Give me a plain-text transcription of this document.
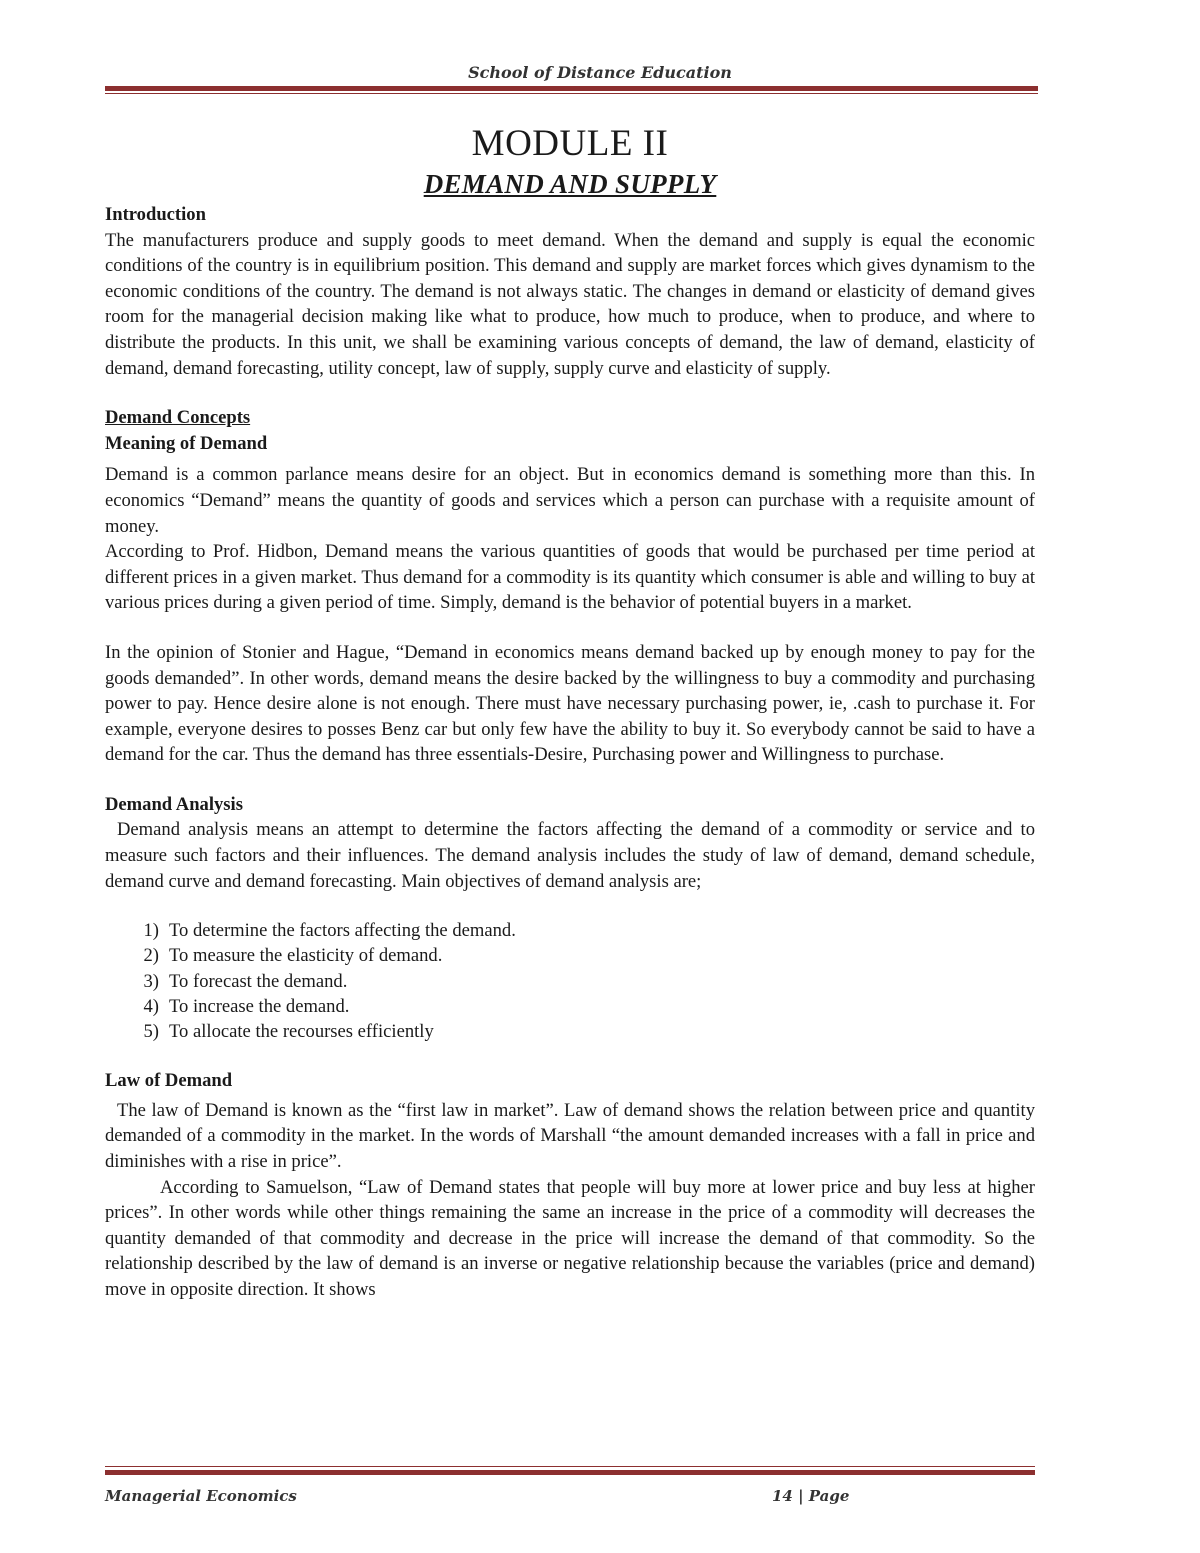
School of Distance Education
MODULE II
DEMAND AND SUPPLY
Introduction

The manufacturers produce and supply goods to meet demand. When the demand and supply is equal the economic conditions of the country is in equilibrium position. This demand and supply are market forces which gives dynamism to the economic conditions of the country. The demand is not always static. The changes in demand or elasticity of demand gives room for the managerial decision making like what to produce, how much to produce, when to produce, and where to distribute the products. In this unit, we shall be examining various concepts of demand, the law of demand, elasticity of demand, demand forecasting, utility concept, law of supply, supply curve and elasticity of supply.

Demand Concepts
Meaning of Demand

Demand is a common parlance means desire for an object. But in economics demand is something more than this. In economics “Demand” means the quantity of goods and services which a person can purchase with a requisite amount of money.

According to Prof. Hidbon, Demand means the various quantities of goods that would be purchased per time period at different prices in a given market. Thus demand for a commodity is its quantity which consumer is able and willing to buy at various prices during a given period of time. Simply, demand is the behavior of potential buyers in a market.

In the opinion of Stonier and Hague, “Demand in economics means demand backed up by enough money to pay for the goods demanded”. In other words, demand means the desire backed by the willingness to buy a commodity and purchasing power to pay. Hence desire alone is not enough. There must have necessary purchasing power, ie, .cash to purchase it. For example, everyone desires to posses Benz car but only few have the ability to buy it. So everybody cannot be said to have a demand for the car. Thus the demand has three essentials-Desire, Purchasing power and Willingness to purchase.

Demand Analysis

Demand analysis means an attempt to determine the factors affecting the demand of a commodity or service and to measure such factors and their influences. The demand analysis includes the study of law of demand, demand schedule, demand curve and demand forecasting. Main objectives of demand analysis are;

1) To determine the factors affecting the demand.
2) To measure the elasticity of demand.
3) To forecast the demand.
4) To increase the demand.
5) To allocate the recourses efficiently
Law of Demand

The law of Demand is known as the “first law in market”. Law of demand shows the relation between price and quantity demanded of a commodity in the market. In the words of Marshall “the amount demanded increases with a fall in price and diminishes with a rise in price”.

According to Samuelson, “Law of Demand states that people will buy more at lower price and buy less at higher prices”. In other words while other things remaining the same an increase in the price of a commodity will decreases the quantity demanded of that commodity and decrease in the price will increase the demand of that commodity. So the relationship described by the law of demand is an inverse or negative relationship because the variables (price and demand) move in opposite direction. It shows

Managerial Economics	14 | Page
